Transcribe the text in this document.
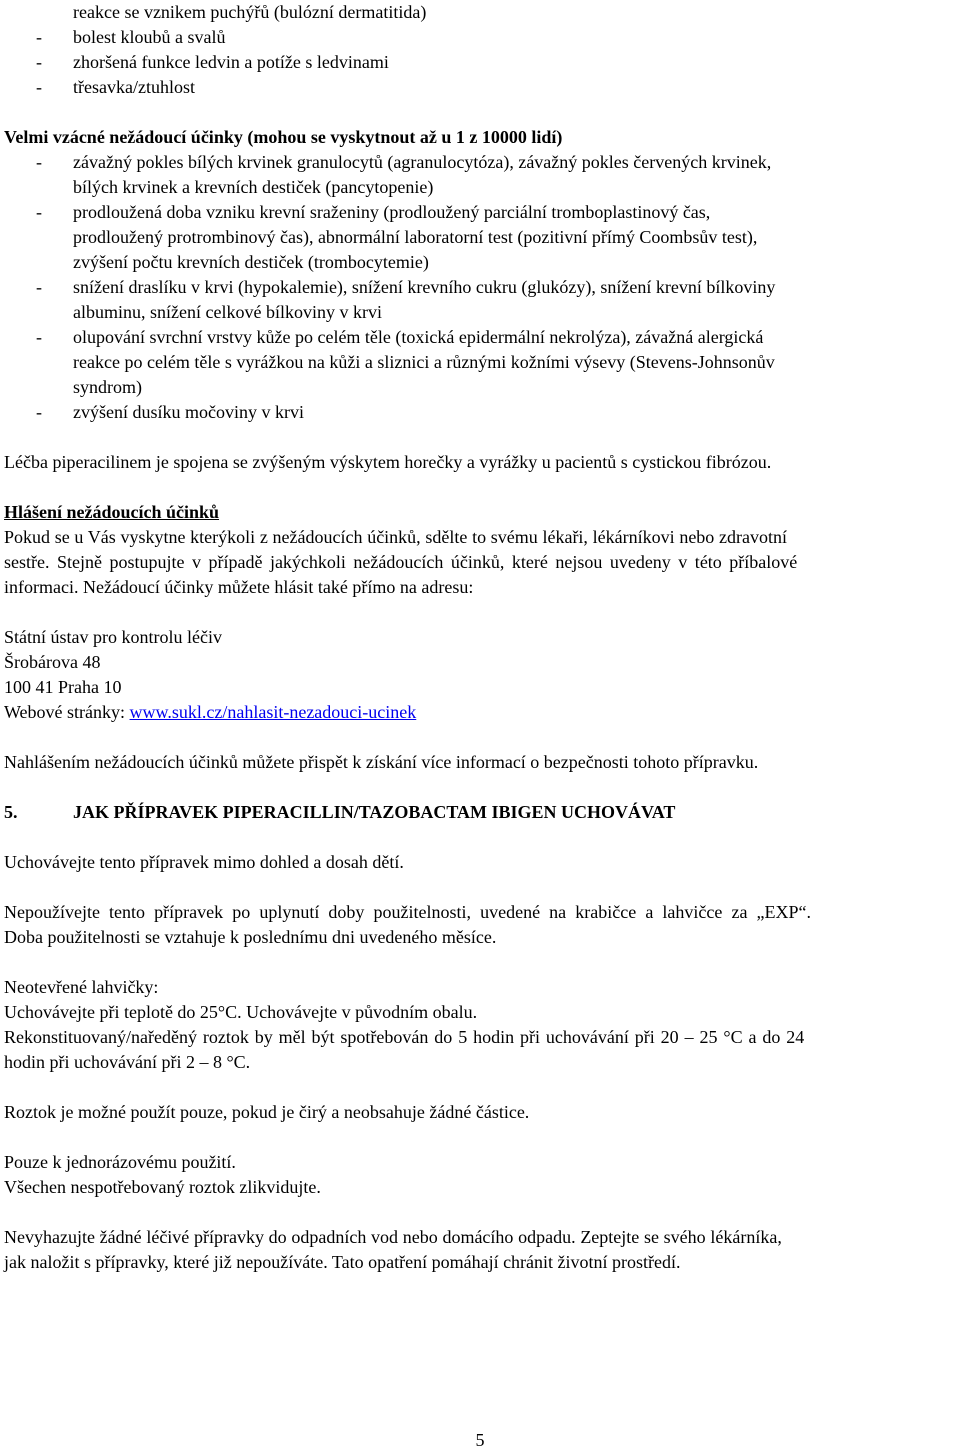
reakce se vznikem puchýřů (bulózní dermatitida)
-	bolest kloubů a svalů
-	zhoršená funkce ledvin a potíže s ledvinami
-	třesavka/ztuhlost
Velmi vzácné nežádoucí účinky (mohou se vyskytnout až u 1 z 10000 lidí)
- závažný pokles bílých krvinek granulocytů (agranulocytóza), závažný pokles červených krvinek,
bílých krvinek a krevních destiček (pancytopenie)
- prodloužená doba vzniku krevní sraženiny (prodloužený parciální tromboplastinový čas,
prodloužený protrombinový čas), abnormální laboratorní test (pozitivní přímý Coombsův test),
zvýšení počtu krevních destiček (trombocytemie)
- snížení draslíku v krvi (hypokalemie), snížení krevního cukru (glukózy), snížení krevní bílkoviny
albuminu, snížení celkové bílkoviny v krvi
- olupování svrchní vrstvy kůže po celém těle (toxická epidermální nekrolýza), závažná alergická
reakce po celém těle s vyrážkou na kůži a sliznici a různými kožními výsevy (Stevens-Johnsonův
syndrom)
- zvýšení dusíku močoviny v krvi
Léčba piperacilinem je spojena se zvýšeným výskytem horečky a vyrážky u pacientů s cystickou fibrózou.
Hlášení nežádoucích účinků
Pokud se u Vás vyskytne kterýkoli z nežádoucích účinků, sdělte to svému lékaři, lékárníkovi nebo zdravotní
sestře. Stejně postupujte v případě jakýchkoli nežádoucích účinků, které nejsou uvedeny v této příbalové
informaci. Nežádoucí účinky můžete hlásit také přímo na adresu:
Státní ústav pro kontrolu léčiv
Šrobárova 48
100 41 Praha 10
Webové stránky: www.sukl.cz/nahlasit-nezadouci-ucinek
Nahlášením nežádoucích účinků můžete přispět k získání více informací o bezpečnosti tohoto přípravku.
5.	JAK PŘÍPRAVEK PIPERACILLIN/TAZOBACTAM IBIGEN UCHOVÁVAT
Uchovávejte tento přípravek mimo dohled a dosah dětí.
Nepoužívejte tento přípravek po uplynutí doby použitelnosti, uvedené na krabičce a lahvičce za „EXP“.
Doba použitelnosti se vztahuje k poslednímu dni uvedeného měsíce.
Neotevřené lahvičky:
Uchovávejte při teplotě do 25°C. Uchovávejte v původním obalu.
Rekonstituovaný/naředěný roztok by měl být spotřebován do 5 hodin při uchovávání při 20 – 25 °C a do 24
hodin při uchovávání při 2 – 8 °C.
Roztok je možné použít pouze, pokud je čirý a neobsahuje žádné částice.
Pouze k jednorázovému použití.
Všechen nespotřebovaný roztok zlikvidujte.
Nevyhazujte žádné léčivé přípravky do odpadních vod nebo domácího odpadu. Zeptejte se svého lékárníka,
jak naložit s přípravky, které již nepoužíváte. Tato opatření pomáhají chránit životní prostředí.
5
